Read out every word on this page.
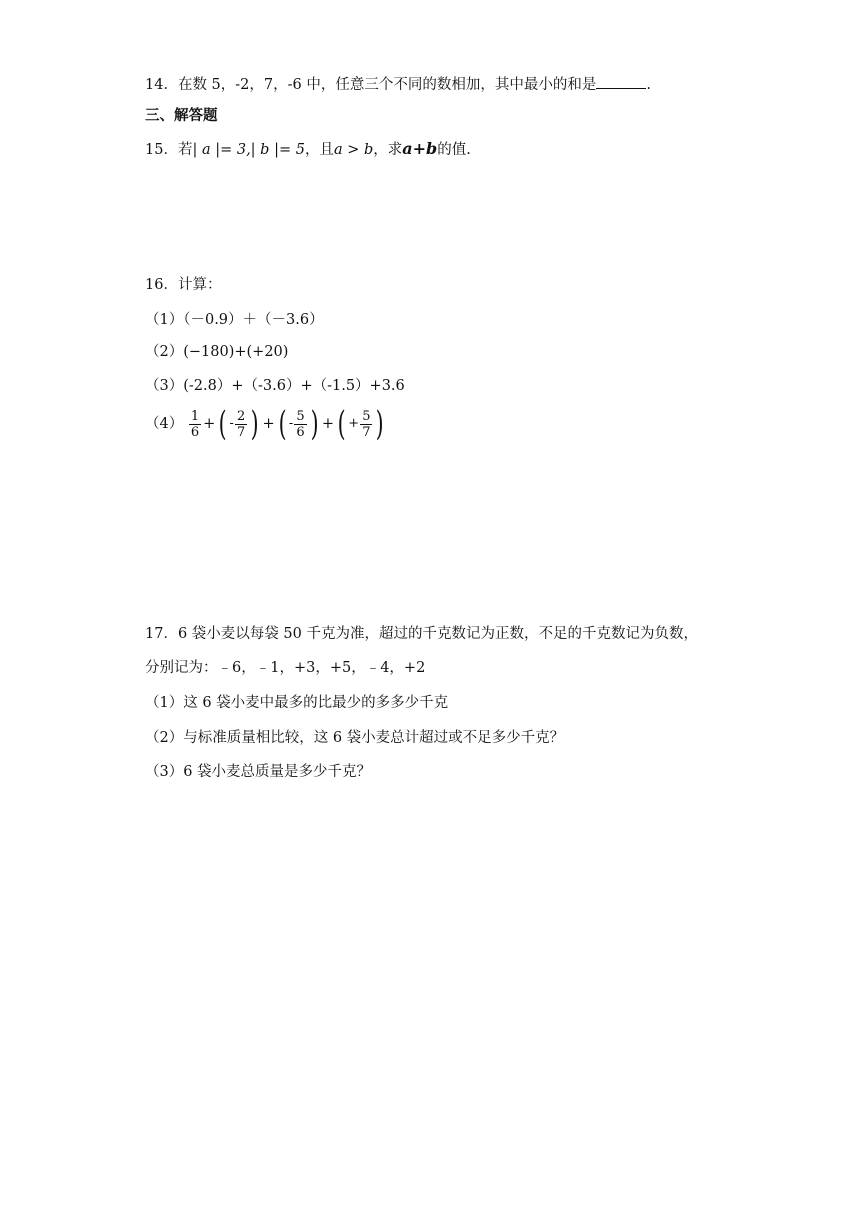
14．在数 5，-2，7，-6 中，任意三个不同的数相加，其中最小的和是	.
三、解答题
15．若| a |= 3,| b |= 5，且a > b，求a+b的值.
16．计算：
（1）（－0.9）＋（－3.6）
（2）(−180)+(+20)
（3）(-2.8）+（-3.6）+（-1.5）+3.6
$(4) \frac{1}{6}$ + ( - $\frac{2}{7}$ ) + ( - $\frac{5}{6}$ ) + ( + $\frac{5}{7}$ )
17．6 袋小麦以每袋 50 千克为准，超过的千克数记为正数，不足的千克数记为负数，
分别记为：﹣6，﹣1，+3，+5，﹣4，+2
（1）这 6 袋小麦中最多的比最少的多多少千克
（2）与标准质量相比较，这 6 袋小麦总计超过或不足多少千克？
（3）6 袋小麦总质量是多少千克？
